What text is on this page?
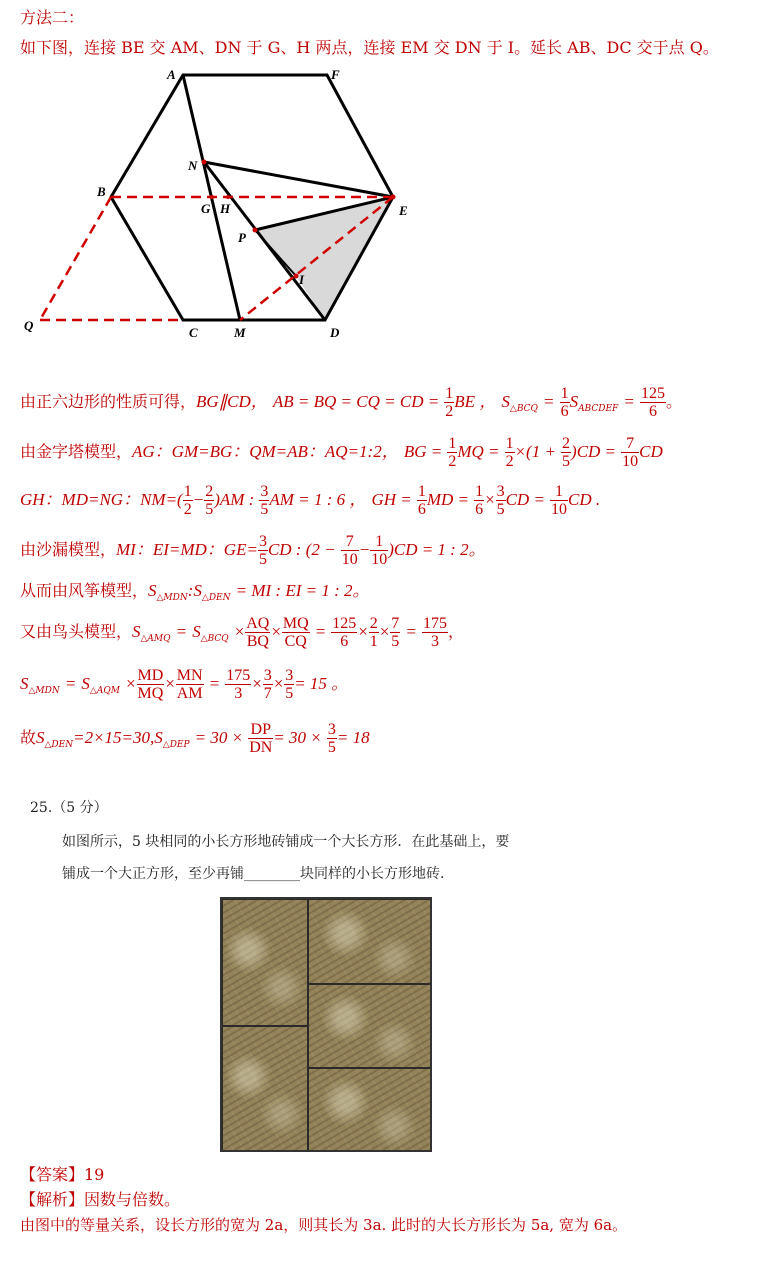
方法二：
如下图，连接 BE 交 AM、DN 于 G、H 两点，连接 EM 交 DN 于 I。延长 AB、DC 交于点 Q。
A	F
N
B
G H	E
P
I
Q	C	M	D
由正六边形的性质可得，BG∥CD， AB = BQ = CQ = CD = $\frac{1}{2}$ BE ， $S_{\triangle BCQ} = \frac{1}{6} S_{ABCDEF} = \frac{125}{6}$ 。
由金字塔模型，AG：GM=BG：QM=AB：AQ=1:2， BG = $\frac{1}{2}$ MQ = $\frac{1}{2} \times(1 + \frac{2}{5} )CD = \frac{7}{10}$ CD
GH：MD=NG：$NM=( \frac{1}{2} - \frac{2}{5} )AM$ : $\frac{3}{5}$ AM = 1 : 6 ， GH = $\frac{1}{6}$ MD = $\frac{1}{6} \times \frac{3}{5}$ CD = $\frac{1}{10}$ CD .
由沙漏模型，MI：EI=MD：$GE= \frac{3}{5}$ CD : $(2 - \frac{7}{10} - \frac{1}{10} )CD = 1$ : 2。
从而由风筝模型，$S_{\triangle MDN}:S_{\triangle DEN}$ = MI : EI = 1 : 2。
又由鸟头模型，$S_{\triangle AMQ} = S_{\triangle BCQ} \times \frac{AQ}{BQ} \times \frac{MQ}{CQ} = \frac{125}{6} \times \frac{2}{1} \times \frac{7}{5} = \frac{175}{3}$ ，
$S_{\triangle MDN} = S_{\triangle AQM} \times \frac{MD}{MQ} \times \frac{MN}{AM} = \frac{175}{3} \times \frac{3}{7} \times \frac{3}{5} = 15$ 。
故$S_{\triangle DEN}=2\times 15=30,S_{\triangle DEP} = 30 \times \frac{DP}{DN} = 30 \times \frac{3}{5} = 18$
25.（5 分）
如图所示，5 块相同的小长方形地砖铺成一个大长方形．在此基础上，要
铺成一个大正方形，至少再铺________块同样的小长方形地砖.
【答案】19
【解析】因数与倍数。
由图中的等量关系，设长方形的宽为 2a，则其长为 3a. 此时的大长方形长为 5a, 宽为 6a。
